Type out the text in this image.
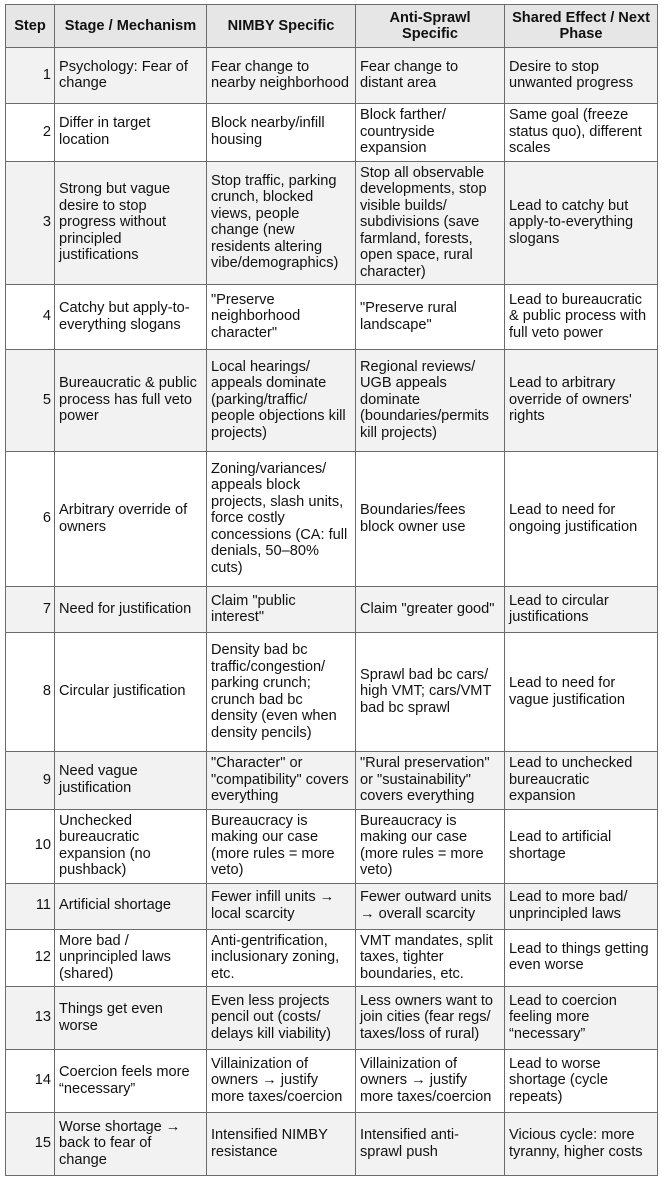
Step	Stage / Mechanism	NIMBY Specific	Anti-Sprawl Specific	Shared Effect / Next Phase
1	Psychology: Fear of change	Fear change to nearby neighborhood	Fear change to distant area	Desire to stop unwanted progress
2	Differ in target location	Block nearby/infill housing	Block farther/ countryside expansion	Same goal (freeze status quo), different scales
3	Strong but vague desire to stop progress without principled justifications	Stop traffic, parking crunch, blocked views, people change (new residents altering vibe/demographics)	Stop all observable developments, stop visible builds/ subdivisions (save farmland, forests, open space, rural character)	Lead to catchy but apply-to-everything slogans
4	Catchy but apply-to-everything slogans	"Preserve neighborhood character"	"Preserve rural landscape"	Lead to bureaucratic & public process with full veto power
5	Bureaucratic & public process has full veto power	Local hearings/ appeals dominate (parking/traffic/ people objections kill projects)	Regional reviews/ UGB appeals dominate (boundaries/permits kill projects)	Lead to arbitrary override of owners' rights
6	Arbitrary override of owners	Zoning/variances/ appeals block projects, slash units, force costly concessions (CA: full denials, 50–80% cuts)	Boundaries/fees block owner use	Lead to need for ongoing justification
7	Need for justification	Claim "public interest"	Claim "greater good"	Lead to circular justifications
8	Circular justification	Density bad bc traffic/congestion/ parking crunch; crunch bad bc density (even when density pencils)	Sprawl bad bc cars/ high VMT; cars/VMT bad bc sprawl	Lead to need for vague justification
9	Need vague justification	"Character" or "compatibility" covers everything	"Rural preservation" or "sustainability" covers everything	Lead to unchecked bureaucratic expansion
10	Unchecked bureaucratic expansion (no pushback)	Bureaucracy is making our case (more rules = more veto)	Bureaucracy is making our case (more rules = more veto)	Lead to artificial shortage
11	Artificial shortage	Fewer infill units → local scarcity	Fewer outward units → overall scarcity	Lead to more bad/ unprincipled laws
12	More bad / unprincipled laws (shared)	Anti-gentrification, inclusionary zoning, etc.	VMT mandates, split taxes, tighter boundaries, etc.	Lead to things getting even worse
13	Things get even worse	Even less projects pencil out (costs/ delays kill viability)	Less owners want to join cities (fear regs/ taxes/loss of rural)	Lead to coercion feeling more “necessary”
14	Coercion feels more “necessary”	Villainization of owners → justify more taxes/coercion	Villainization of owners → justify more taxes/coercion	Lead to worse shortage (cycle repeats)
15	Worse shortage → back to fear of change	Intensified NIMBY resistance	Intensified anti-sprawl push	Vicious cycle: more tyranny, higher costs
